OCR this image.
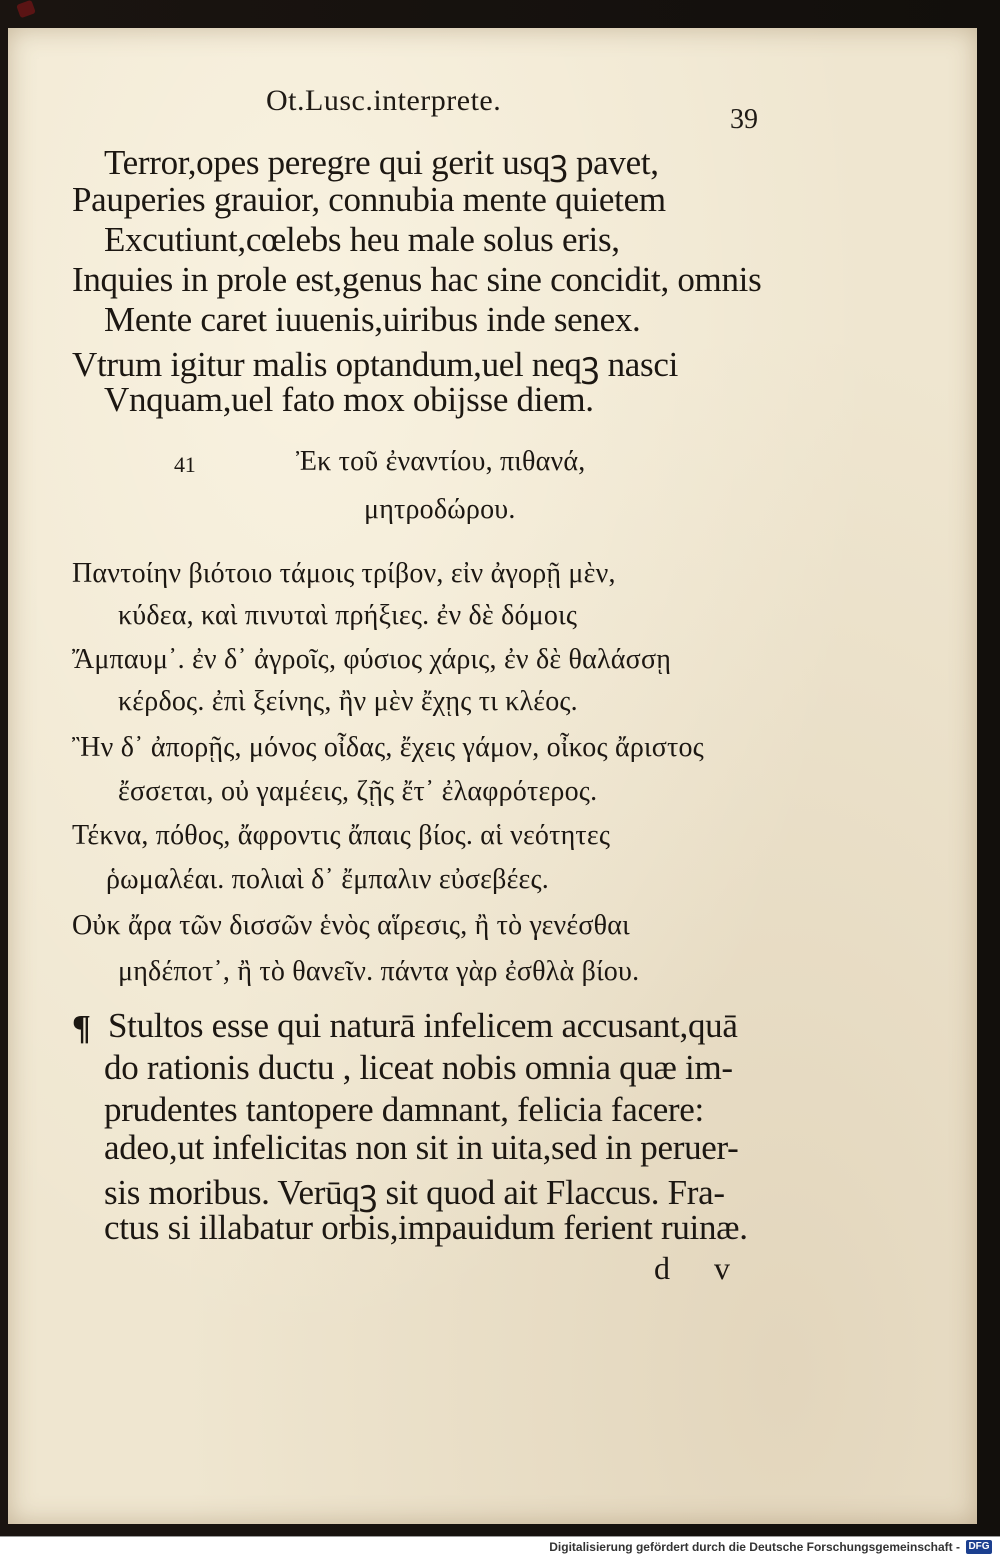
Ot.Lusc.interprete.
39
Terror,opes peregre qui gerit usqꝫ pavet,
Pauperies grauior, connubia mente quietem
Excutiunt,cœlebs heu male solus eris,
Inquies in prole est,genus hac sine concidit, omnis
Mente caret iuuenis,uiribus inde senex.
Vtrum igitur malis optandum,uel neqꝫ nasci
Vnquam,uel fato mox obijsse diem.
41	Ἐκ τοῦ ἐναντίου, πιθανά,
μητροδώρου.
Παντοίην βιότοιο τάμοις τρίβον, εἰν ἀγορῇ μὲν,
κύδεα, καὶ πινυταὶ πρήξιες. ἐν δὲ δόμοις
Ἄμπαυμ᾽. ἐν δ᾽ ἀγροῖς, φύσιος χάρις, ἐν δὲ θαλάσσῃ
κέρδος. ἐπὶ ξείνης, ἢν μὲν ἔχῃς τι κλέος.
Ἢν δ᾽ ἀπορῇς, μόνος οἶδας, ἔχεις γάμον, οἶκος ἄριστος
ἔσσεται, οὐ γαμέεις, ζῇς ἔτ᾽ ἐλαφρότερος.
Τέκνα, πόθος, ἄφροντις ἄπαις βίος. αἱ νεότητες
ῥωμαλέαι. πολιαὶ δ᾽ ἔμπαλιν εὐσεβέες.
Οὐκ ἄρα τῶν δισσῶν ἑνὸς αἵρεσις, ἢ τὸ γενέσθαι
μηδέποτ᾽, ἢ τὸ θανεῖν. πάντα γὰρ ἐσθλὰ βίου.
¶ Stultos esse qui naturā infelicem accusant,quā
do rationis ductu , liceat nobis omnia quæ im-
prudentes tantopere damnant, felicia facere:
adeo,ut infelicitas non sit in uita,sed in peruer-
sis moribus. Verūqꝫ sit quod ait Flaccus. Fra-
ctus si illabatur orbis,impauidum ferient ruinæ.
d v
Digitalisierung gefördert durch die Deutsche Forschungsgemeinschaft - DFG
